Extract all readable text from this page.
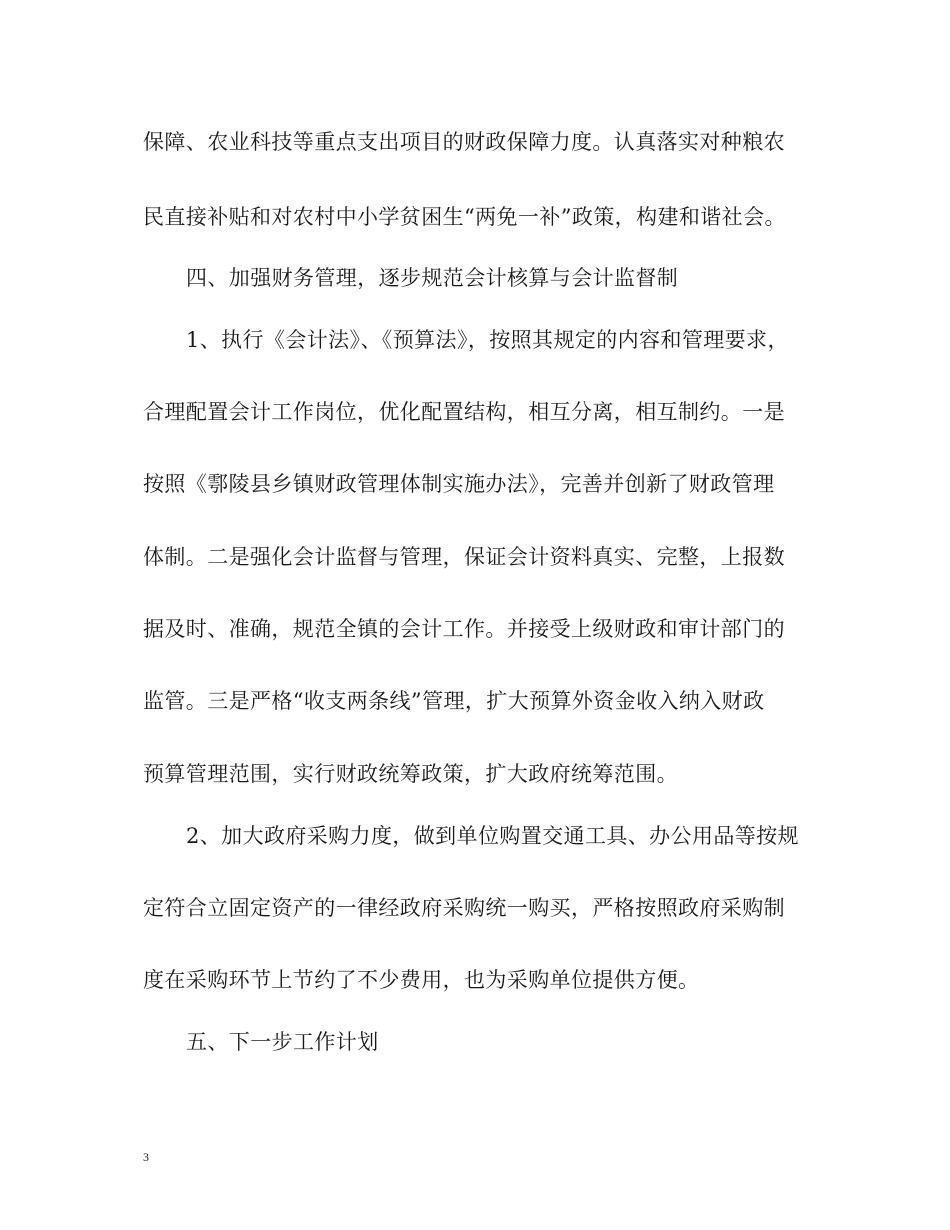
保障、农业科技等重点支出项目的财政保障力度。认真落实对种粮农
民直接补贴和对农村中小学贫困生“两免一补”政策，构建和谐社会。
四、加强财务管理，逐步规范会计核算与会计监督制
1、执行《会计法》、《预算法》，按照其规定的内容和管理要求，
合理配置会计工作岗位，优化配置结构，相互分离，相互制约。一是
按照《鄠陵县乡镇财政管理体制实施办法》，完善并创新了财政管理
体制。二是强化会计监督与管理，保证会计资料真实、完整，上报数
据及时、准确，规范全镇的会计工作。并接受上级财政和审计部门的
监管。三是严格“收支两条线”管理，扩大预算外资金收入纳入财政
预算管理范围，实行财政统筹政策，扩大政府统筹范围。
2、加大政府采购力度，做到单位购置交通工具、办公用品等按规
定符合立固定资产的一律经政府采购统一购买，严格按照政府采购制
度在采购环节上节约了不少费用，也为采购单位提供方便。
五、下一步工作计划
3
